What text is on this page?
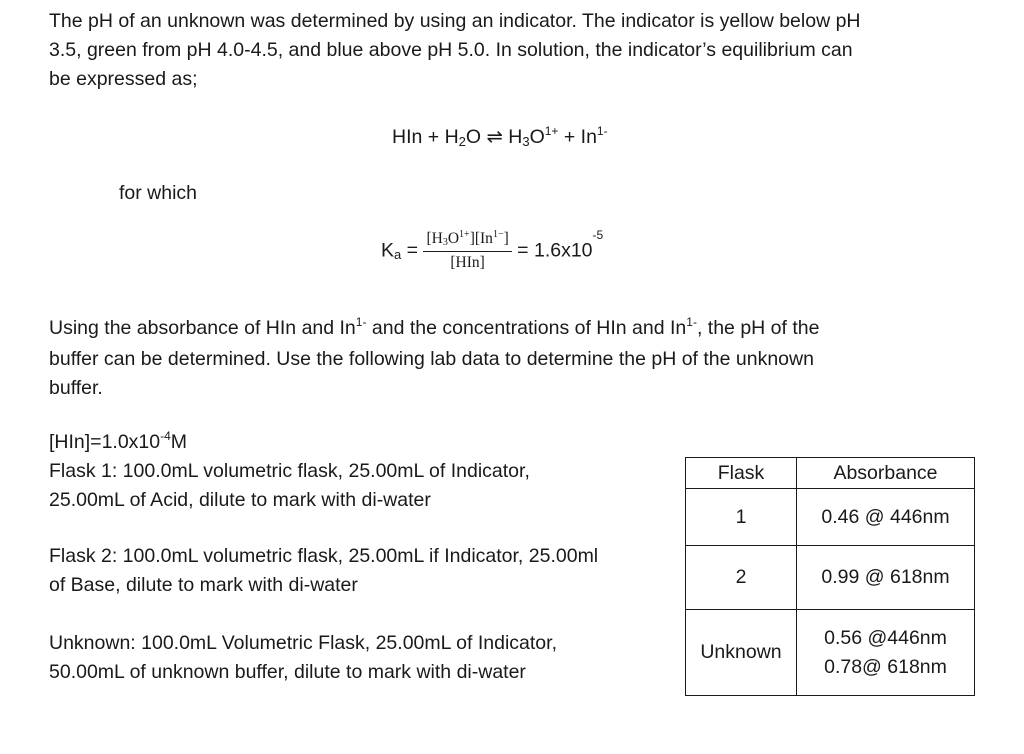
The pH of an unknown was determined by using an indicator. The indicator is yellow below pH
3.5, green from pH 4.0-4.5, and blue above pH 5.0. In solution, the indicator’s equilibrium can
be expressed as;
HIn + $H_2O$ ⇌ $H_3O^{1+} + In^{1-}$
for which
$K_a = \frac{[H_3O^{1+}][In^{1-}]}{\text{[HIn]}} = 1.6x10^{-5}$
Using the absorbance of HIn and $In^{1-}$ and the concentrations of HIn and $In^{1-}$, the pH of the
buffer can be determined. Use the following lab data to determine the pH of the unknown
buffer.
$[HIn]=1.0x10^{-4}M$
Flask 1: 100.0mL volumetric flask, 25.00mL of Indicator,
25.00mL of Acid, dilute to mark with di-water
Flask 2: 100.0mL volumetric flask, 25.00mL if Indicator, 25.00ml
of Base, dilute to mark with di-water
Unknown: 100.0mL Volumetric Flask, 25.00mL of Indicator,
50.00mL of unknown buffer, dilute to mark with di-water
Flask	Absorbance
1	0.46 @ 446nm
2	0.99 @ 618nm
Unknown	0.56 @446nm
0.78@ 618nm
